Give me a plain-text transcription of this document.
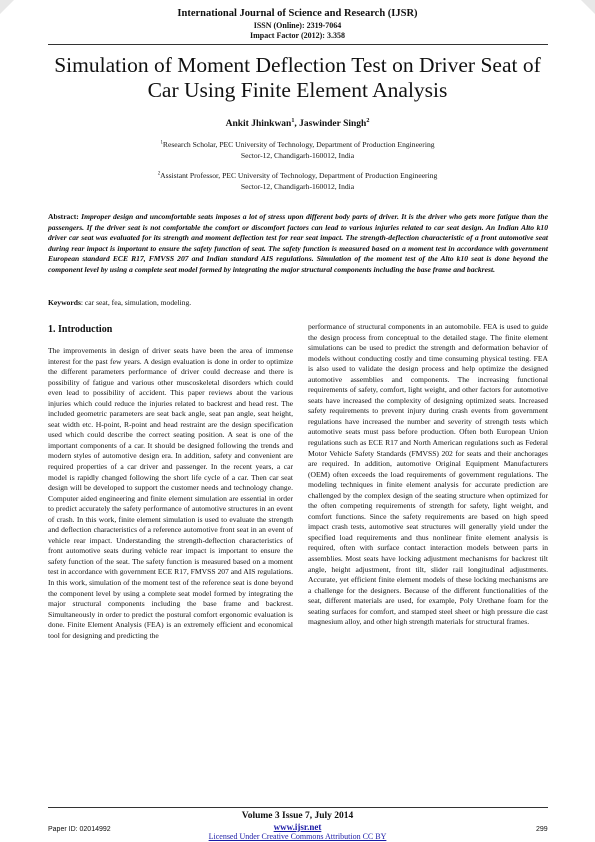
International Journal of Science and Research (IJSR)
ISSN (Online): 2319-7064
Impact Factor (2012): 3.358
Simulation of Moment Deflection Test on Driver Seat of Car Using Finite Element Analysis
Ankit Jhinkwan$^1$, Jaswinder Singh$^2$
$^1$Research Scholar, PEC University of Technology, Department of Production Engineering
Sector-12, Chandigarh-160012, India
$^2$Assistant Professor, PEC University of Technology, Department of Production Engineering
Sector-12, Chandigarh-160012, India
Abstract: Improper design and uncomfortable seats imposes a lot of stress upon different body parts of driver. It is the driver who gets more fatigue than the passengers. If the driver seat is not comfortable the comfort or discomfort factors can lead to various injuries related to car seat design. An Indian Alto k10 driver car seat was evaluated for its strength and moment deflection test for rear seat impact. The strength-deflection characteristic of a front automotive seat during rear impact is important to ensure the safety function of seat. The safety function is measured based on a moment test in accordance with government European standard ECE R17, FMVSS 207 and Indian standard AIS regulations. Simulation of the moment test of the Alto k10 seat is done beyond the component level by using a complete seat model formed by integrating the major structural components including the base frame and backrest.
Keywords: car seat, fea, simulation, modeling.
1. Introduction
The improvements in design of driver seats have been the area of immense interest for the past few years. A design evaluation is done in order to optimize the different parameters performance of driver could decrease and there is possibility of fatigue and various other muscoskeletal disorders which could even lead to possibility of accident. This paper reviews about the various injuries which could reduce the injuries related to backrest and head rest. The included geometric parameters are seat back angle, seat pan angle, seat height, seat width etc. H-point, R-point and head restraint are the design specification used which could describe the correct seating position. A seat is one of the important components of a car. It should be designed following the trends and modern styles of automotive design era. In addition, safety and convenient are required properties of a car driver and passenger. In the recent years, a car model is rapidly changed following the short life cycle of a car. Then car seat design will be developed to support the customer needs and technology change. Computer aided engineering and finite element simulation are essential in order to predict accurately the safety performance of automotive structures in an event of crash. In this work, finite element simulation is used to evaluate the strength and deflection characteristics of a reference automotive front seat in an event of vehicle rear impact. Understanding the strength-deflection characteristics of front automotive seats during vehicle rear impact is important to ensure the safety function of the seat. The safety function is measured based on a moment test in accordance with government ECE R17, FMVSS 207 and AIS regulations. In this work, simulation of the moment test of the reference seat is done beyond the component level by using a complete seat model formed by integrating the major structural components including the base frame and backrest. Simultaneously in order to predict the postural comfort ergonomic evaluation is done. Finite Element Analysis (FEA) is an extremely efficient and economical tool for designing and predicting the
performance of structural components in an automobile. FEA is used to guide the design process from conceptual to the detailed stage. The finite element simulations can be used to predict the strength and deformation behavior of models without conducting costly and time consuming physical testing. FEA is also used to validate the design process and help optimize the designed automotive assemblies and components. The increasing functional requirements of safety, comfort, light weight, and other factors for automotive seats have increased the complexity of designing optimized seats. Increased safety requirements to prevent injury during crash events from government regulations have increased the number and severity of strength tests which automotive seats must pass before production. Often both European Union regulations such as ECE R17 and North American regulations such as Federal Motor Vehicle Safety Standards (FMVSS) 202 for seats and their anchorages are required. In addition, automotive Original Equipment Manufacturers (OEM) often exceeds the load requirements of government regulations. The modeling techniques in finite element analysis for accurate prediction are challenged by the complex design of the seating structure when optimized for the often competing requirements of strength for safety, light weight, and comfort functions. Since the safety requirements are based on high speed impact crash tests, automotive seat structures will generally yield under the specified load requirements and thus nonlinear finite element analysis is required, often with surface contact interaction models between parts in assemblies. Most seats have locking adjustment mechanisms for backrest tilt angle, height adjustment, front tilt, slider rail longitudinal adjustments. Accurate, yet efficient finite element models of these locking mechanisms are a challenge for the designers. Because of the different functionalities of the seat, different materials are used, for example, Poly Urethane foam for the seating surfaces for comfort, and stamped steel sheet or high pressure die cast magnesium alloy, and other high strength materials for structural frames.
Volume 3 Issue 7, July 2014
www.ijsr.net
Licensed Under Creative Commons Attribution CC BY
Paper ID: 02014992	299
